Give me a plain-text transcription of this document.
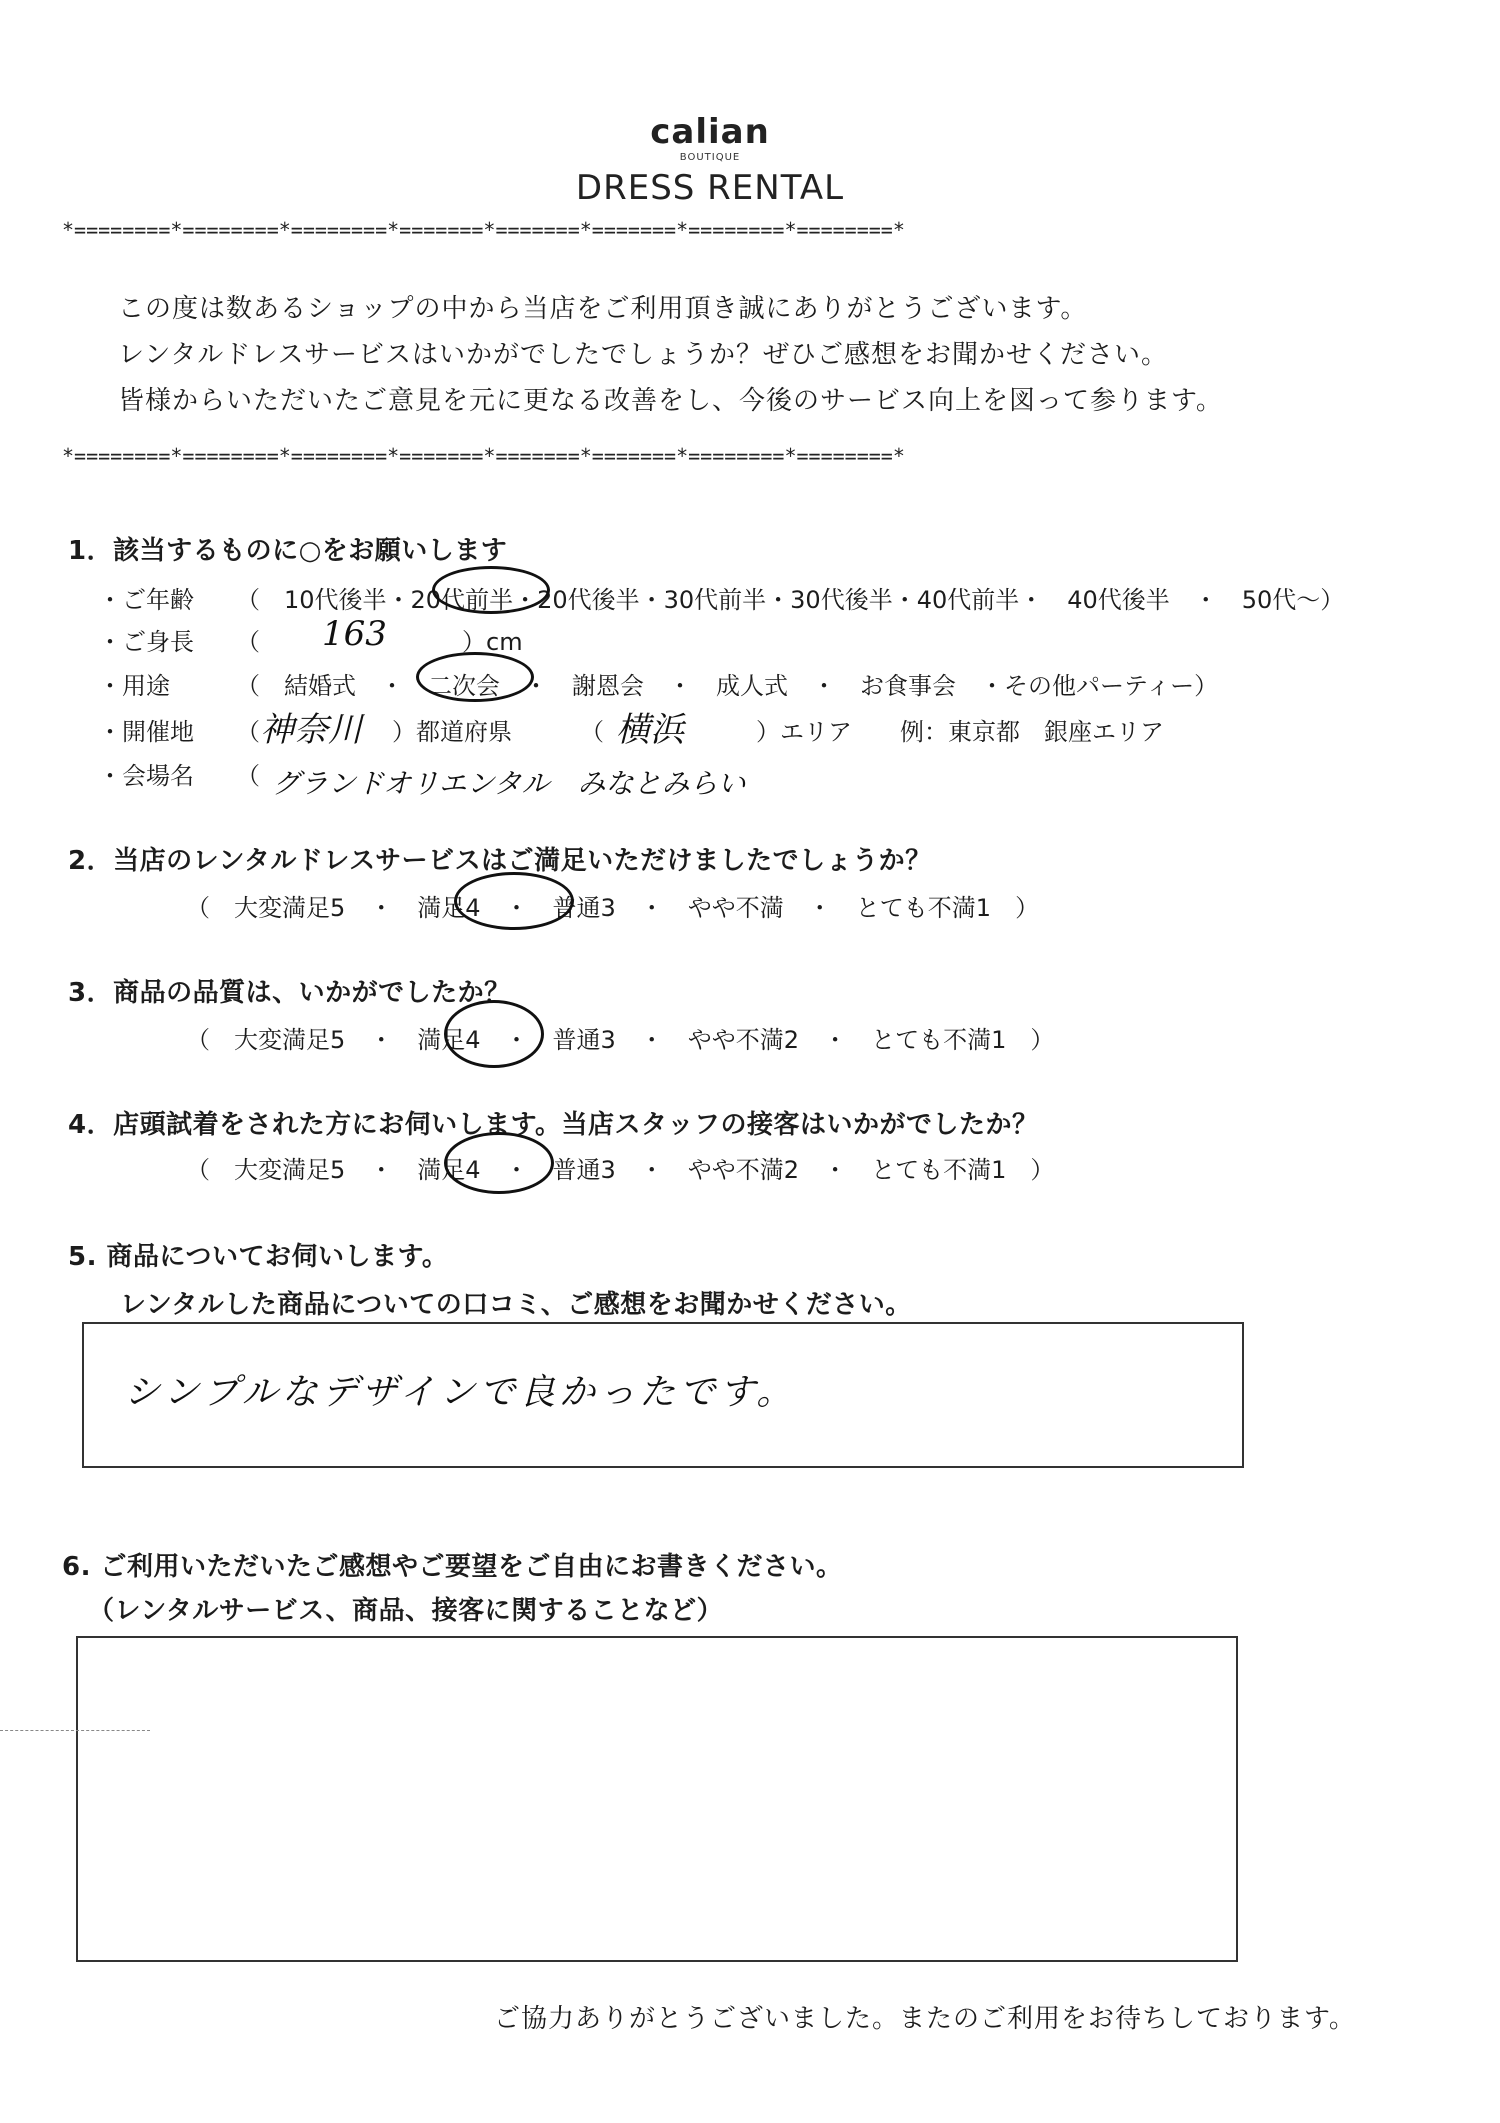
calian
BOUTIQUE
DRESS RENTAL
*========*========*========*=======*=======*=======*========*========*
この度は数あるショップの中から当店をご利用頂き誠にありがとうございます。
レンタルドレスサービスはいかがでしたでしょうか？ぜひご感想をお聞かせください。
皆様からいただいたご意見を元に更なる改善をし、今後のサービス向上を図って参ります。
*========*========*========*=======*=======*=======*========*========*
1．該当するものに○をお願いします
・ご年齢 （　10代後半・20代前半・20代後半・30代前半・30代後半・40代前半・　40代後半　・　50代～）
・ご身長 （ 163	）cm
・用途	（　結婚式　・　二次会　・　謝恩会　・　成人式　・　お食事会　・その他パーティー）
・開催地 （ 神奈川 ）都道府県	（ 横浜	）エリア　　例：東京都　銀座エリア
・会場名 （ グランドオリエンタル　みなとみらい
2．当店のレンタルドレスサービスはご満足いただけましたでしょうか？
（　大変満足5　・　満足4　・　普通3　・　やや不満　・　とても不満1　）
3．商品の品質は、いかがでしたか？
（　大変満足5　・　満足4　・　普通3　・　やや不満2　・　とても不満1　）
4．店頭試着をされた方にお伺いします。当店スタッフの接客はいかがでしたか？
（　大変満足5　・　満足4　・　普通3　・　やや不満2　・　とても不満1　）
5. 商品についてお伺いします。
レンタルした商品についての口コミ、ご感想をお聞かせください。
シンプルなデザインで良かったです。
6. ご利用いただいたご感想やご要望をご自由にお書きください。
（レンタルサービス、商品、接客に関することなど）
ご協力ありがとうございました。またのご利用をお待ちしております。
